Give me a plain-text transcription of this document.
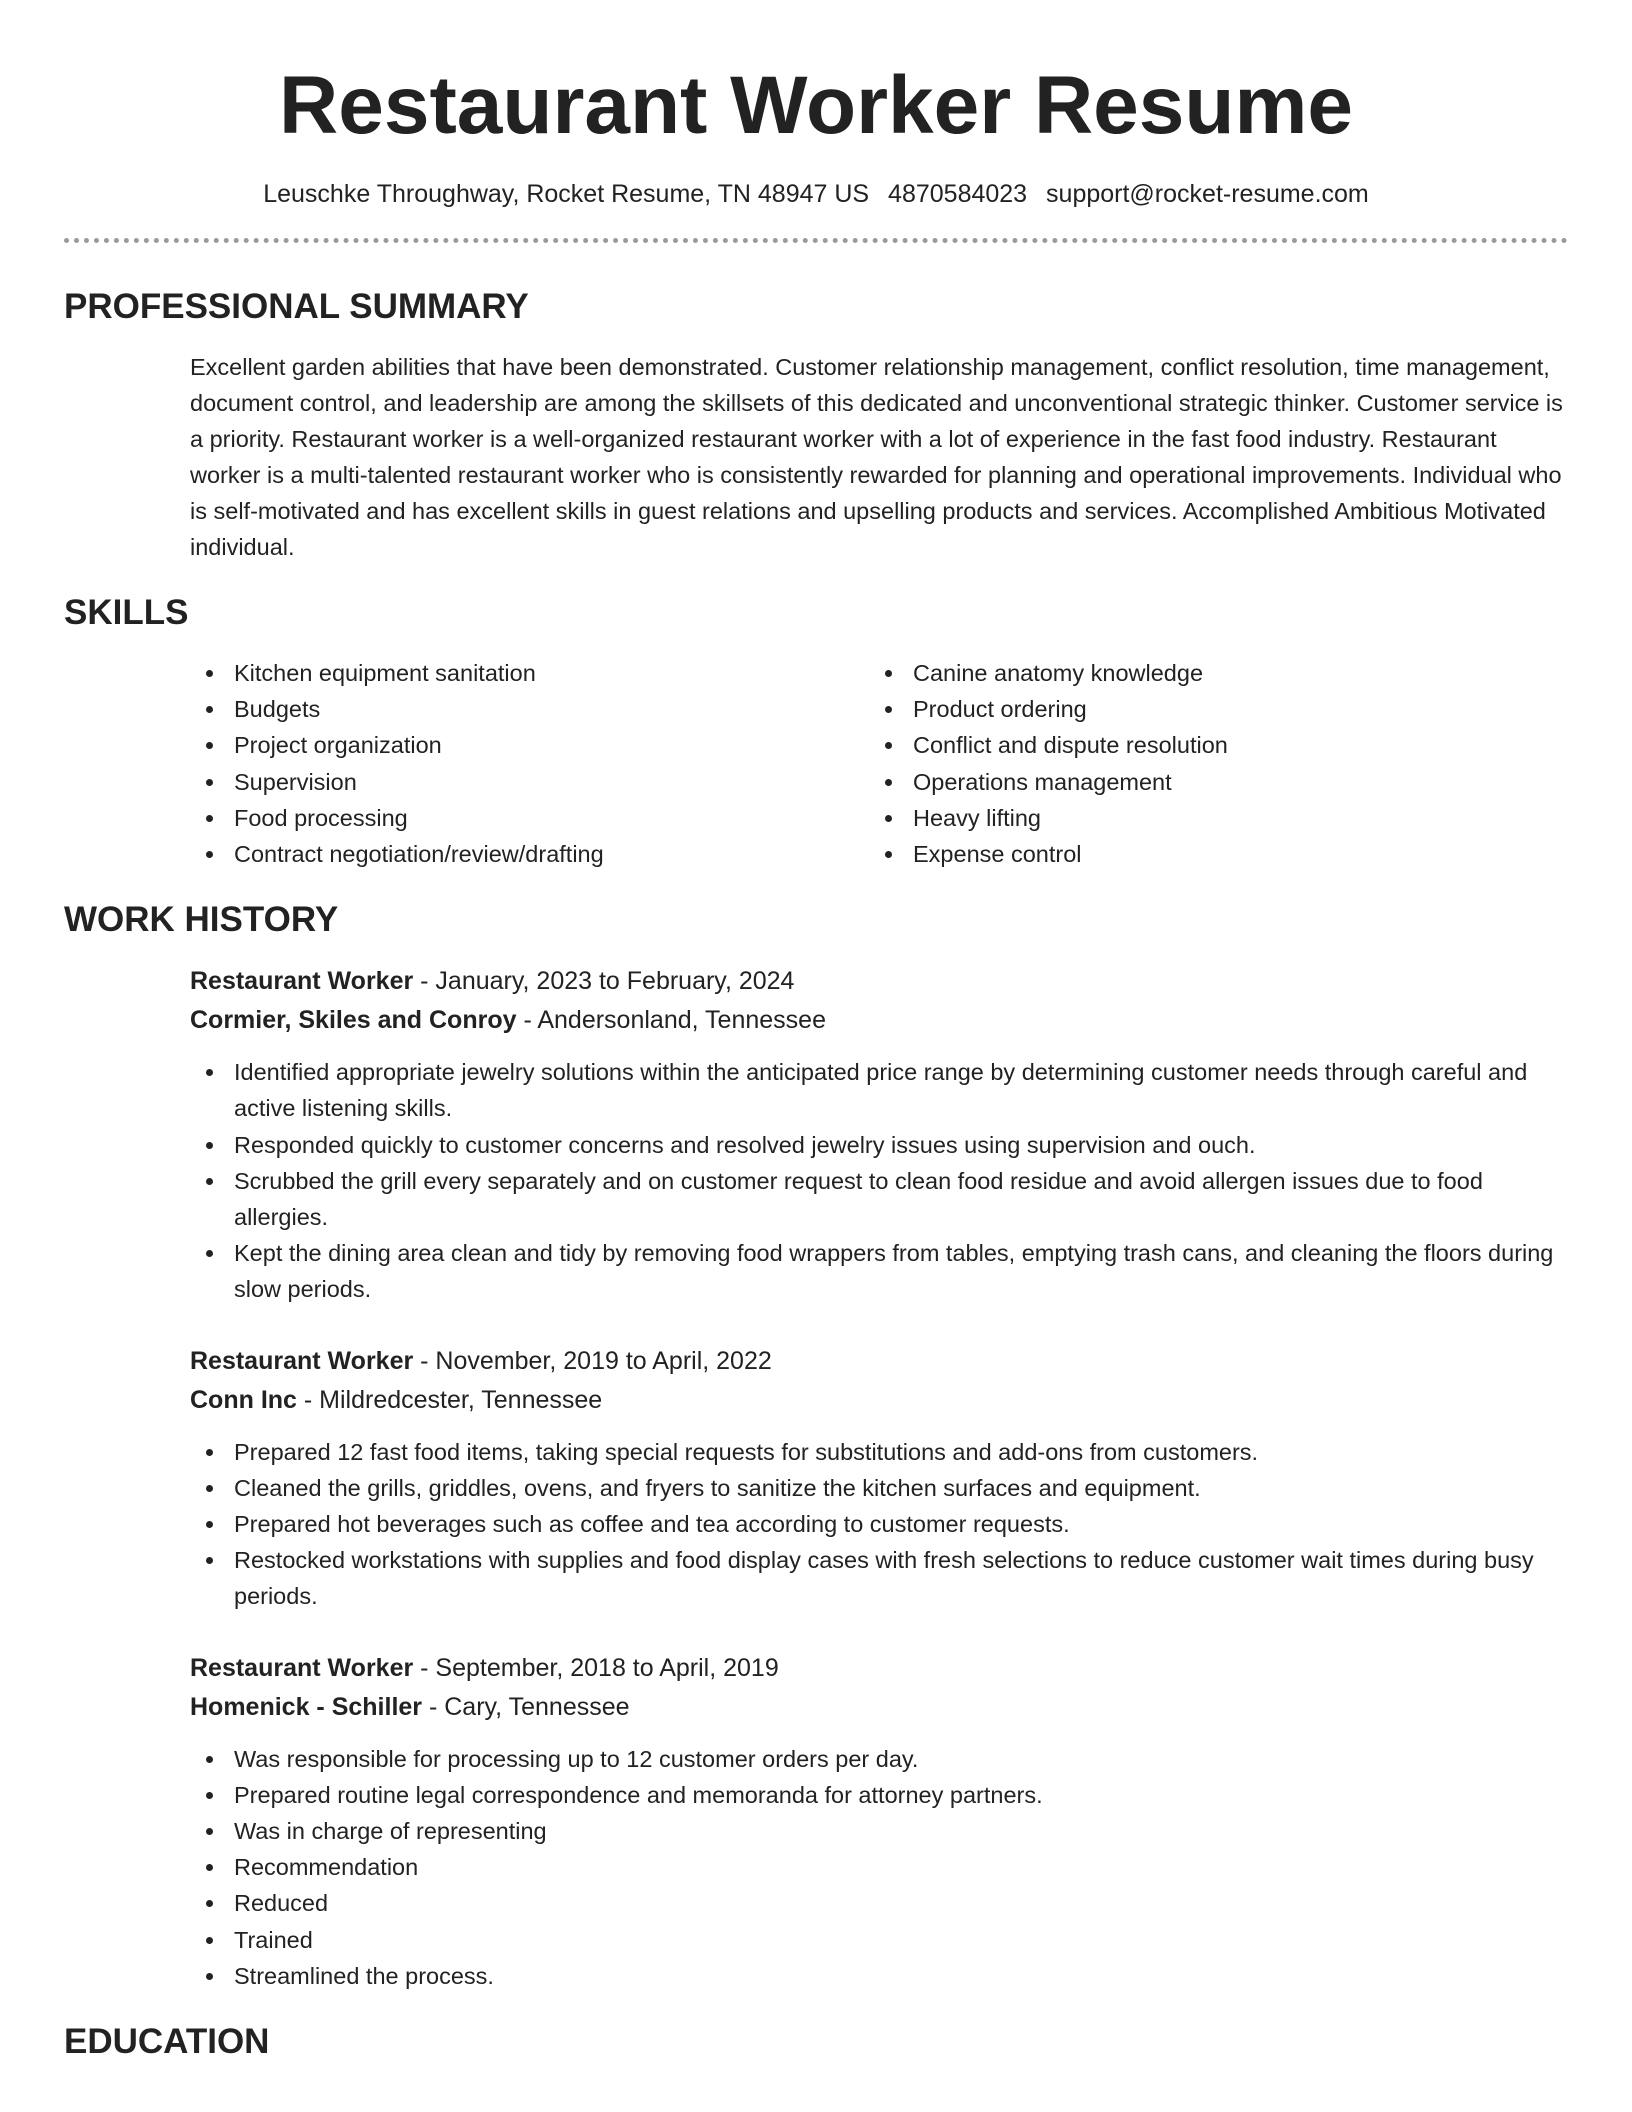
Restaurant Worker Resume
Leuschke Throughway, Rocket Resume, TN 48947 US 4870584023 support@rocket-resume.com
PROFESSIONAL SUMMARY

Excellent garden abilities that have been demonstrated. Customer relationship management, conflict resolution, time management, document control, and leadership are among the skillsets of this dedicated and unconventional strategic thinker. Customer service is a priority. Restaurant worker is a well-organized restaurant worker with a lot of experience in the fast food industry. Restaurant worker is a multi-talented restaurant worker who is consistently rewarded for planning and operational improvements. Individual who is self-motivated and has excellent skills in guest relations and upselling products and services. Accomplished Ambitious Motivated individual.

SKILLS
Kitchen equipment sanitation
Budgets
Project organization
Supervision
Food processing
Contract negotiation/review/drafting
Canine anatomy knowledge
Product ordering
Conflict and dispute resolution
Operations management
Heavy lifting
Expense control
WORK HISTORY
Restaurant Worker - January, 2023 to February, 2024
Cormier, Skiles and Conroy - Andersonland, Tennessee
Identified appropriate jewelry solutions within the anticipated price range by determining customer needs through careful and active listening skills.
Responded quickly to customer concerns and resolved jewelry issues using supervision and ouch.
Scrubbed the grill every separately and on customer request to clean food residue and avoid allergen issues due to food allergies.
Kept the dining area clean and tidy by removing food wrappers from tables, emptying trash cans, and cleaning the floors during slow periods.
Restaurant Worker - November, 2019 to April, 2022
Conn Inc - Mildredcester, Tennessee
Prepared 12 fast food items, taking special requests for substitutions and add-ons from customers.
Cleaned the grills, griddles, ovens, and fryers to sanitize the kitchen surfaces and equipment.
Prepared hot beverages such as coffee and tea according to customer requests.
Restocked workstations with supplies and food display cases with fresh selections to reduce customer wait times during busy periods.
Restaurant Worker - September, 2018 to April, 2019
Homenick - Schiller - Cary, Tennessee
Was responsible for processing up to 12 customer orders per day.
Prepared routine legal correspondence and memoranda for attorney partners.
Was in charge of representing
Recommendation
Reduced
Trained
Streamlined the process.
EDUCATION
